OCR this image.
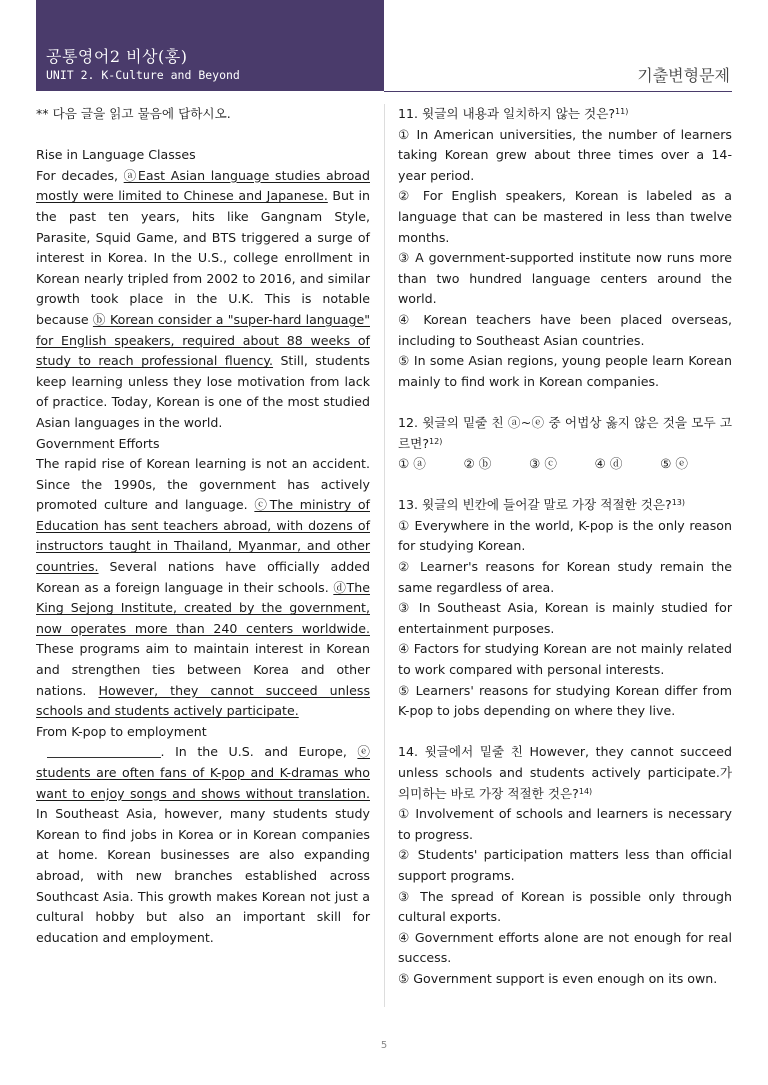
공통영어2 비상(홍)
UNIT 2. K-Culture and Beyond	기출변형문제

** 다음 글을 읽고 물음에 답하시오.

Rise in Language Classes

For decades, ⓐEast Asian language studies abroad mostly were limited to Chinese and Japanese. But in the past ten years, hits like Gangnam Style, Parasite, Squid Game, and BTS triggered a surge of interest in Korea. In the U.S., college enrollment in Korean nearly tripled from 2002 to 2016, and similar growth took place in the U.K. This is notable because ⓑ Korean consider a "super-hard language" for English speakers, required about 88 weeks of study to reach professional fluency. Still, students keep learning unless they lose motivation from lack of practice. Today, Korean is one of the most studied Asian languages in the world.

Government Efforts

The rapid rise of Korean learning is not an accident. Since the 1990s, the government has actively promoted culture and language. ⓒThe ministry of Education has sent teachers abroad, with dozens of instructors taught in Thailand, Myanmar, and other countries. Several nations have officially added Korean as a foreign language in their schools. ⓓThe King Sejong Institute, created by the government, now operates more than 240 centers worldwide. These programs aim to maintain interest in Korean and strengthen ties between Korea and other nations. However, they cannot succeed unless schools and students actively participate.

From K-pop to employment

. In the U.S. and Europe, ⓔ students are often fans of K-pop and K-dramas who want to enjoy songs and shows without translation. In Southeast Asia, however, many students study Korean to find jobs in Korea or in Korean companies at home. Korean businesses are also expanding abroad, with new branches established across Southcast Asia. This growth makes Korean not just a cultural hobby but also an important skill for education and employment.

11. 윗글의 내용과 일치하지 않는 것은?$^{11)}$

① In American universities, the number of learners taking Korean grew about three times over a 14-year period.

② For English speakers, Korean is labeled as a language that can be mastered in less than twelve months.

③ A government-supported institute now runs more than two hundred language centers around the world.

④ Korean teachers have been placed overseas, including to Southeast Asian countries.

⑤ In some Asian regions, young people learn Korean mainly to find work in Korean companies.

12. 윗글의 밑줄 친 ⓐ~ⓔ 중 어법상 옳지 않은 것을 모두 고르면?$^{12)}$

① ⓐ	② ⓑ	③ ⓒ	④ ⓓ	⑤ ⓔ

13. 윗글의 빈칸에 들어갈 말로 가장 적절한 것은?$^{13)}$

① Everywhere in the world, K-pop is the only reason for studying Korean.

② Learner's reasons for Korean study remain the same regardless of area.

③ In Southeast Asia, Korean is mainly studied for entertainment purposes.

④ Factors for studying Korean are not mainly related to work compared with personal interests.

⑤ Learners' reasons for studying Korean differ from K-pop to jobs depending on where they live.

14. 윗글에서 밑줄 친 However, they cannot succeed unless schools and students actively participate.가 의미하는 바로 가장 적절한 것은?$^{14)}$

① Involvement of schools and learners is necessary to progress.

② Students' participation matters less than official support programs.

③ The spread of Korean is possible only through cultural exports.

④ Government efforts alone are not enough for real success.

⑤ Government support is even enough on its own.

5
